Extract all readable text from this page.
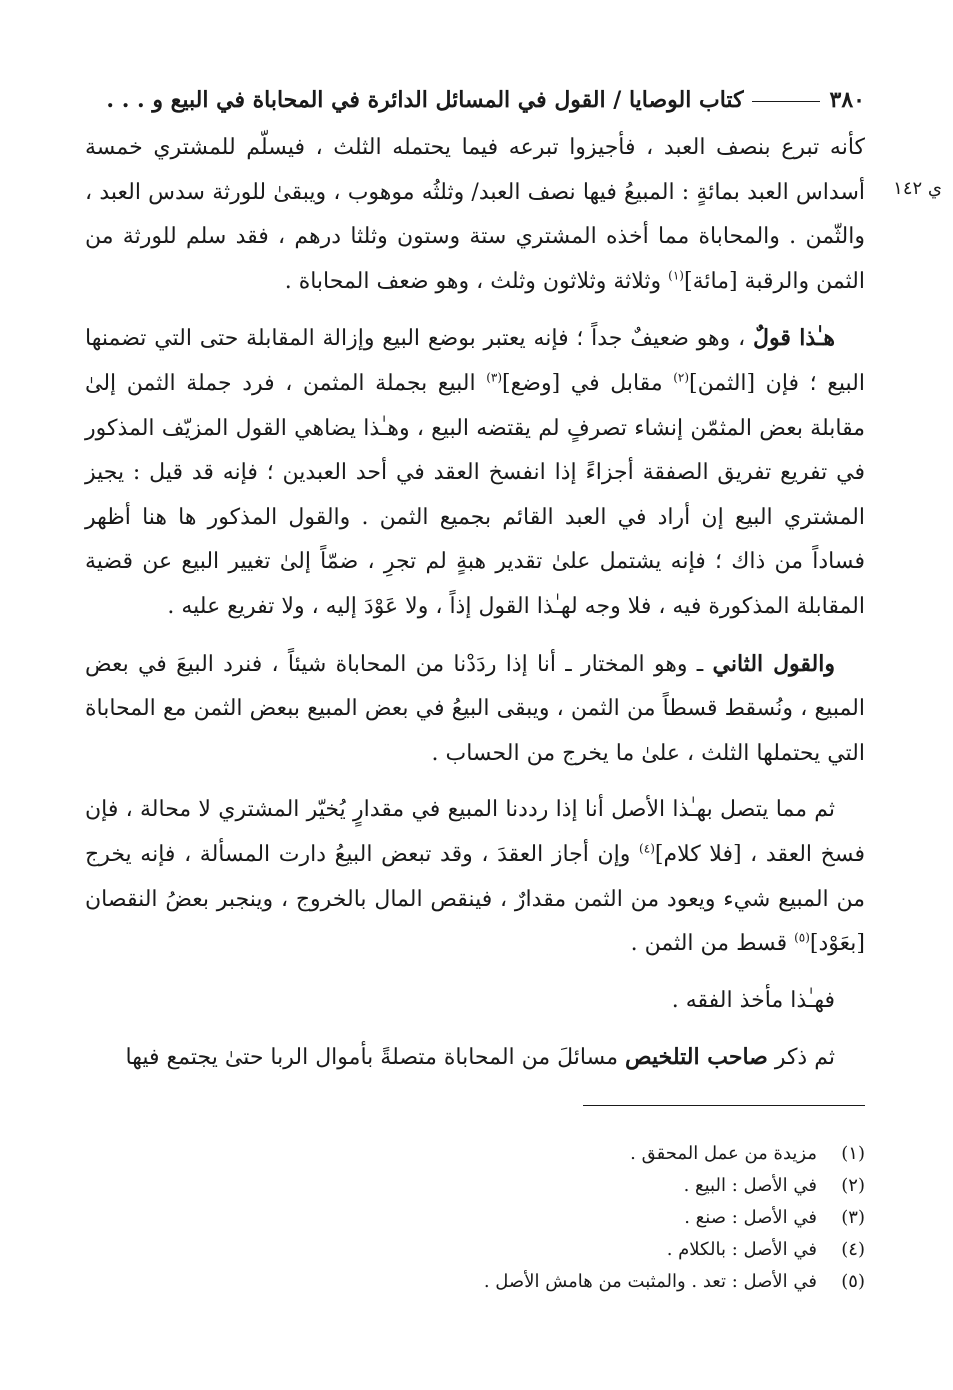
٣٨٠
كتاب الوصايا / القول في المسائل الدائرة في المحاباة في البيع و . . .
ي ١٤٢

كأنه تبرع بنصف العبد ، فأجيزوا تبرعه فيما يحتمله الثلث ، فيسلّم للمشتري خمسة أسداس العبد بمائةٍ : المبيعُ فيها نصف العبد/ وثلثُه موهوب ، ويبقىٰ للورثة سدس العبد ، والثّمن . والمحاباة مما أخذه المشتري ستة وستون وثلثا درهم ، فقد سلم للورثة من الثمن والرقبة [مائة]$^{(١)}$ وثلاثة وثلاثون وثلث ، وهو ضعف المحاباة .

هـٰذا قولٌ ، وهو ضعيفٌ جداً ؛ فإنه يعتبر بوضع البيع وإزالة المقابلة حتى التي تضمنها البيع ؛ فإن [الثمن]$^{(٢)}$ مقابل في [وضع]$^{(٣)}$ البيع بجملة المثمن ، فرد جملة الثمن إلىٰ مقابلة بعض المثمّن إنشاء تصرفٍ لم يقتضه البيع ، وهـٰذا يضاهي القول المزيّف المذكور في تفريع تفريق الصفقة أجزاءً إذا انفسخ العقد في أحد العبدين ؛ فإنه قد قيل : يجيز المشتري البيع إن أراد في العبد القائم بجميع الثمن . والقول المذكور ها هنا أظهر فساداً من ذاك ؛ فإنه يشتمل علىٰ تقدير هبةٍ لم تجرِ ، ضمّاً إلىٰ تغيير البيع عن قضية المقابلة المذكورة فيه ، فلا وجه لهـٰذا القول إذاً ، ولا عَوْدَ إليه ، ولا تفريع عليه .

والقول الثاني ـ وهو المختار ـ أنا إذا ردَدْنا من المحاباة شيئاً ، فنرد البيعَ في بعض المبيع ، ونُسقط قسطاً من الثمن ، ويبقى البيعُ في بعض المبيع ببعض الثمن مع المحاباة التي يحتملها الثلث ، علىٰ ما يخرج من الحساب .

ثم مما يتصل بهـٰذا الأصل أنا إذا رددنا المبيع في مقدارٍ يُخيّر المشتري لا محالة ، فإن فسخ العقد ، [فلا كلام]$^{(٤)}$ وإن أجاز العقدَ ، وقد تبعض البيعُ دارت المسألة ، فإنه يخرج من المبيع شيء ويعود من الثمن مقدارٌ ، فينقص المال بالخروج ، وينجبر بعضُ النقصان [بعَوْد]$^{(٥)}$ قسط من الثمن .

فهـٰذا مأخذ الفقه .

ثم ذكر صاحب التلخيص مسائلَ من المحاباة متصلةً بأموال الربا حتىٰ يجتمع فيها

(١)
مزيدة من عمل المحقق .
(٢)
في الأصل : البيع .
(٣)
في الأصل : صنع .
(٤)
في الأصل : بالكلام .
(٥)
في الأصل : تعد . والمثبت من هامش الأصل .
